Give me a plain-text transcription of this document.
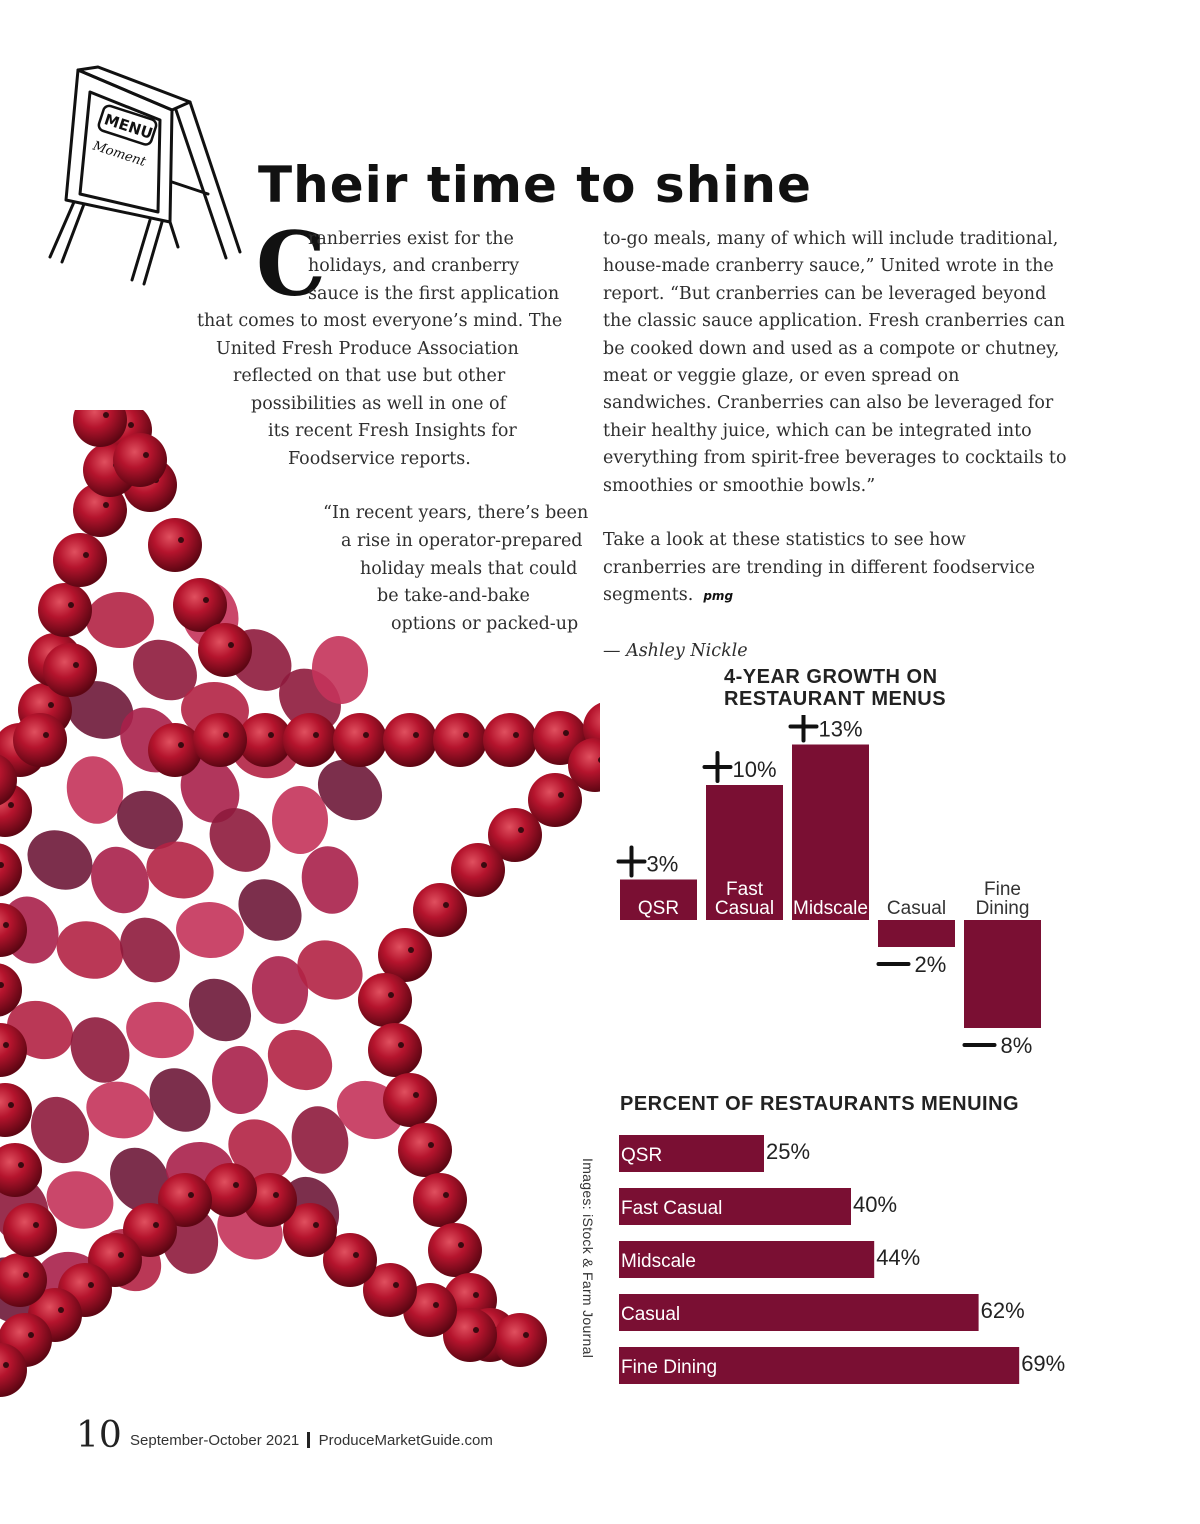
MENU
Moment
Their time to shine
C
ranberries exist for the
holidays, and cranberry
sauce is the first application
that comes to most everyone’s mind. The
United Fresh Produce Association
reflected on that use but other
possibilities as well in one of
its recent Fresh Insights for
Foodservice reports.
“In recent years, there’s been
a rise in operator-prepared
holiday meals that could
be take-and-bake
options or packed-up

to-go meals, many of which will include traditional, house-made cranberry sauce,” United wrote in the report. “But cranberries can be leveraged beyond the classic sauce application. Fresh cranberries can be cooked down and used as a compote or chutney, meat or veggie glaze, or even spread on sandwiches. Cranberries can also be leveraged for their healthy juice, which can be integrated into everything from spirit-free beverages to cocktails to smoothies or smoothie bowls.”

Take a look at these statistics to see how cranberries are trending in different foodservice segments. pmg

— Ashley Nickle

4-YEAR GROWTH ON
RESTAURANT MENUS
QSR
3%
Fast
Casual
10%
Midscale
13%
Casual
2%
Fine
Dining
8%
PERCENT OF RESTAURANTS MENUING
QSR	25%
Fast Casual	40%
Midscale	44%
Casual	62%
Fine Dining	69%
Images: iStock & Farm Journal
10 September-October 2021 ProduceMarketGuide.com
